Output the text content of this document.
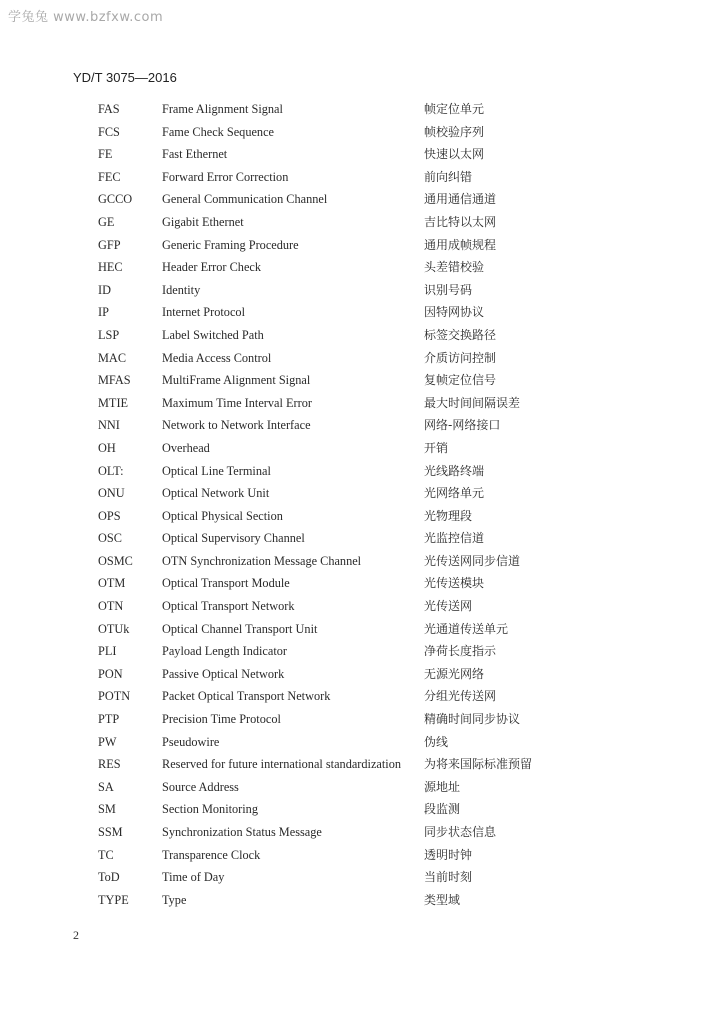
学兔兔 www.bzfxw.com
YD/T 3075—2016
FAS	Frame Alignment Signal	帧定位单元
FCS	Fame Check Sequence	帧校验序列
FE	Fast Ethernet	快速以太网
FEC	Forward Error Correction	前向纠错
GCCO General Communication Channel	通用通信通道
GE	Gigabit Ethernet	吉比特以太网
GFP	Generic Framing Procedure	通用成帧规程
HEC	Header Error Check	头差错校验
ID	Identity	识别号码
IP	Internet Protocol	因特网协议
LSP	Label Switched Path	标签交换路径
MAC	Media Access Control	介质访问控制
MFAS	MultiFrame Alignment Signal	复帧定位信号
MTIE	Maximum Time Interval Error	最大时间间隔误差
NNI	Network to Network Interface	网络-网络接口
OH	Overhead	开销
OLT:	Optical Line Terminal	光线路终端
ONU	Optical Network Unit	光网络单元
OPS	Optical Physical Section	光物理段
OSC	Optical Supervisory Channel	光监控信道
OSMC OTN Synchronization Message Channel	光传送网同步信道
OTM	Optical Transport Module	光传送模块
OTN	Optical Transport Network	光传送网
OTUk	Optical Channel Transport Unit	光通道传送单元
PLI	Payload Length Indicator	净荷长度指示
PON	Passive Optical Network	无源光网络
POTN	Packet Optical Transport Network	分组光传送网
PTP	Precision Time Protocol	精确时间同步协议
PW	Pseudowire	伪线
RES	Reserved for future international standardization 为将来国际标准预留
SA	Source Address	源地址
SM	Section Monitoring	段监测
SSM	Synchronization Status Message	同步状态信息
TC	Transparence Clock	透明时钟
ToD	Time of Day	当前时刻
TYPE	Type	类型域
2
